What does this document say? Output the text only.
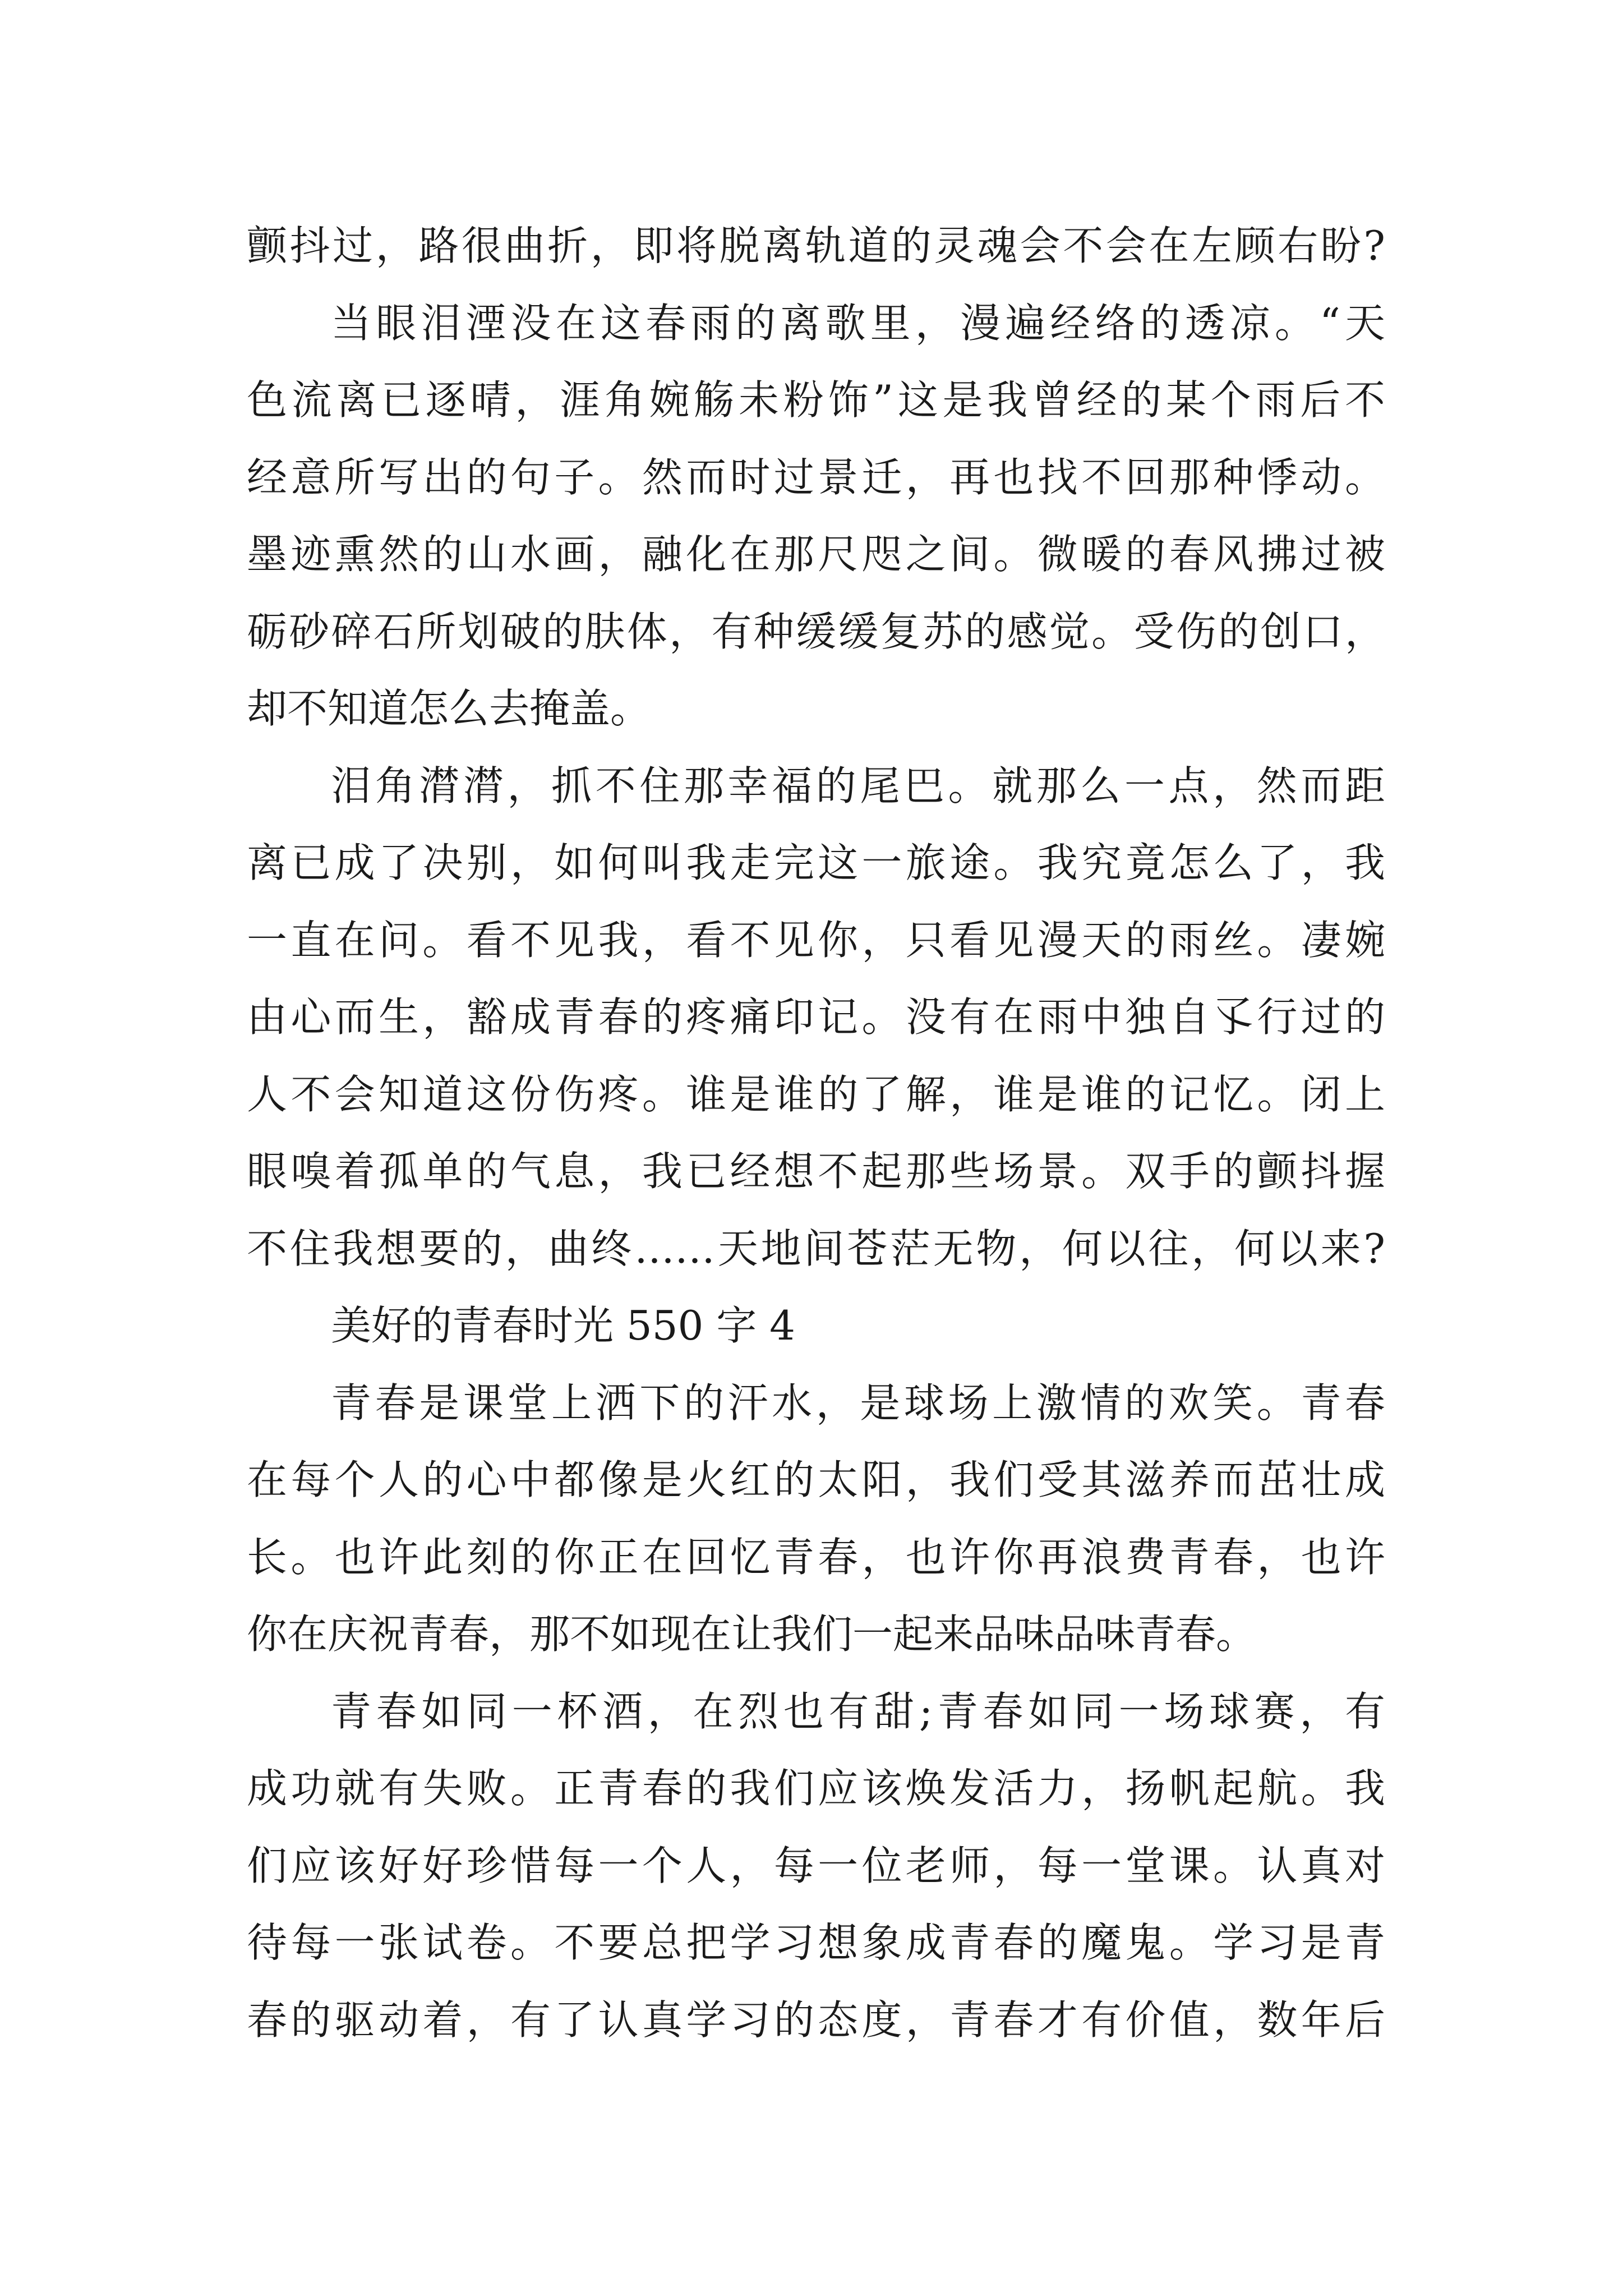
颤抖过，路很曲折，即将脱离轨道的灵魂会不会在左顾右盼?
当眼泪湮没在这春雨的离歌里，漫遍经络的透凉。“天
色流离已逐晴，涯角婉觞未粉饰”这是我曾经的某个雨后不
经意所写出的句子。然而时过景迁，再也找不回那种悸动。
墨迹熏然的山水画，融化在那尺咫之间。微暖的春风拂过被
砺砂碎石所划破的肤体，有种缓缓复苏的感觉。受伤的创口，
却不知道怎么去掩盖。
泪角潸潸，抓不住那幸福的尾巴。就那么一点，然而距
离已成了决别，如何叫我走完这一旅途。我究竟怎么了，我
一直在问。看不见我，看不见你，只看见漫天的雨丝。凄婉
由心而生，豁成青春的疼痛印记。没有在雨中独自孓行过的
人不会知道这份伤疼。谁是谁的了解，谁是谁的记忆。闭上
眼嗅着孤单的气息，我已经想不起那些场景。双手的颤抖握
不住我想要的，曲终……天地间苍茫无物，何以往，何以来?
美好的青春时光 550 字 4
青春是课堂上洒下的汗水，是球场上激情的欢笑。青春
在每个人的心中都像是火红的太阳，我们受其滋养而茁壮成
长。也许此刻的你正在回忆青春，也许你再浪费青春，也许
你在庆祝青春，那不如现在让我们一起来品味品味青春。
青春如同一杯酒，在烈也有甜;青春如同一场球赛，有
成功就有失败。正青春的我们应该焕发活力，扬帆起航。我
们应该好好珍惜每一个人，每一位老师，每一堂课。认真对
待每一张试卷。不要总把学习想象成青春的魔鬼。学习是青
春的驱动着，有了认真学习的态度，青春才有价值，数年后
